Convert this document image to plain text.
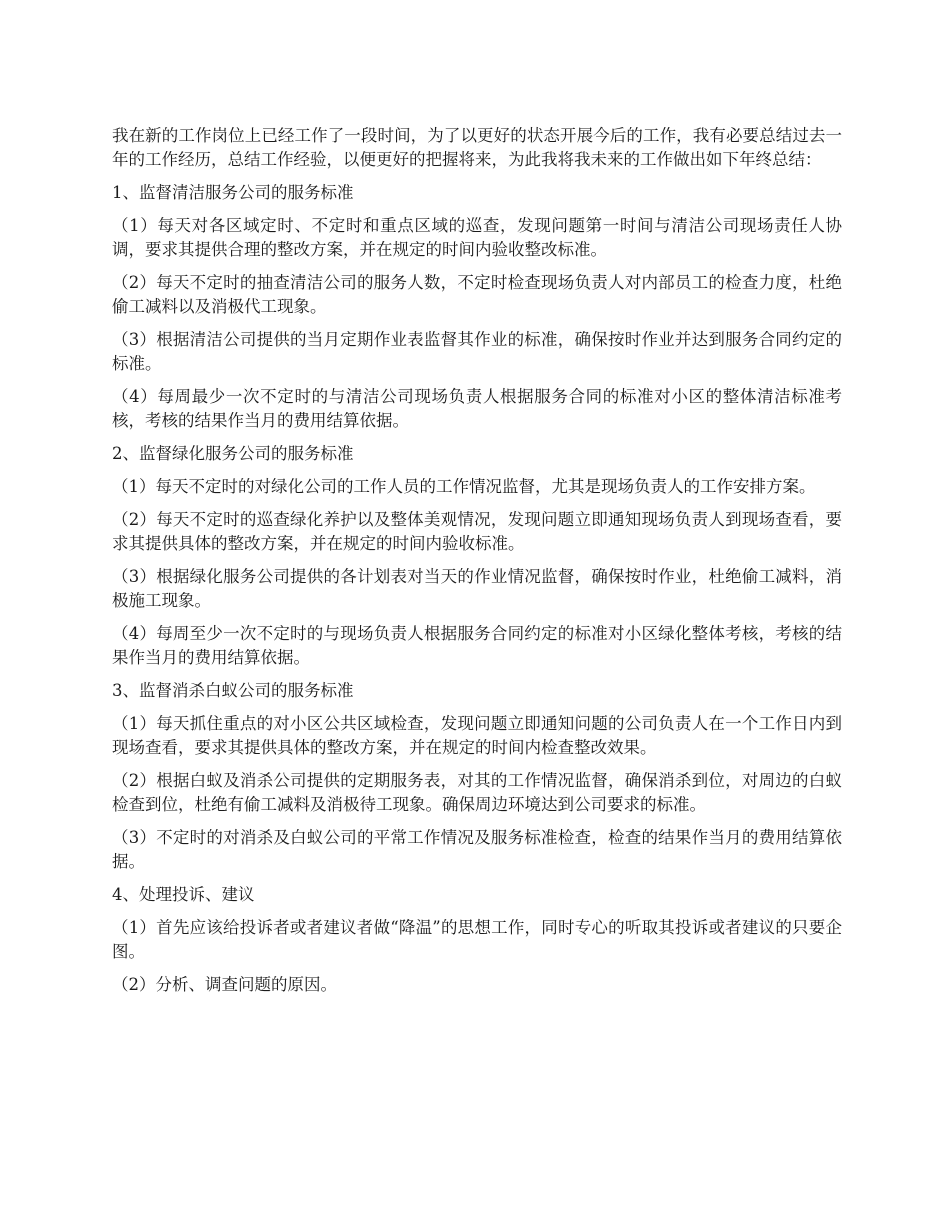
我在新的工作岗位上已经工作了一段时间，为了以更好的状态开展今后的工作，我有必要总结过去一年的工作经历，总结工作经验，以便更好的把握将来，为此我将我未来的工作做出如下年终总结：

1、监督清洁服务公司的服务标准

（1）每天对各区域定时、不定时和重点区域的巡查，发现问题第一时间与清洁公司现场责任人协调，要求其提供合理的整改方案，并在规定的时间内验收整改标准。

（2）每天不定时的抽查清洁公司的服务人数，不定时检查现场负责人对内部员工的检查力度，杜绝偷工减料以及消极代工现象。

（3）根据清洁公司提供的当月定期作业表监督其作业的标准，确保按时作业并达到服务合同约定的标准。

（4）每周最少一次不定时的与清洁公司现场负责人根据服务合同的标准对小区的整体清洁标准考核，考核的结果作当月的费用结算依据。

2、监督绿化服务公司的服务标准

（1）每天不定时的对绿化公司的工作人员的工作情况监督，尤其是现场负责人的工作安排方案。

（2）每天不定时的巡查绿化养护以及整体美观情况，发现问题立即通知现场负责人到现场查看，要求其提供具体的整改方案，并在规定的时间内验收标准。

（3）根据绿化服务公司提供的各计划表对当天的作业情况监督，确保按时作业，杜绝偷工减料，消极施工现象。

（4）每周至少一次不定时的与现场负责人根据服务合同约定的标准对小区绿化整体考核，考核的结果作当月的费用结算依据。

3、监督消杀白蚁公司的服务标准

（1）每天抓住重点的对小区公共区域检查，发现问题立即通知问题的公司负责人在一个工作日内到现场查看，要求其提供具体的整改方案，并在规定的时间内检查整改效果。

（2）根据白蚁及消杀公司提供的定期服务表，对其的工作情况监督，确保消杀到位，对周边的白蚁检查到位，杜绝有偷工减料及消极待工现象。确保周边环境达到公司要求的标准。

（3）不定时的对消杀及白蚁公司的平常工作情况及服务标准检查，检查的结果作当月的费用结算依据。

4、处理投诉、建议

（1）首先应该给投诉者或者建议者做“降温”的思想工作，同时专心的听取其投诉或者建议的只要企图。

（2）分析、调查问题的原因。
